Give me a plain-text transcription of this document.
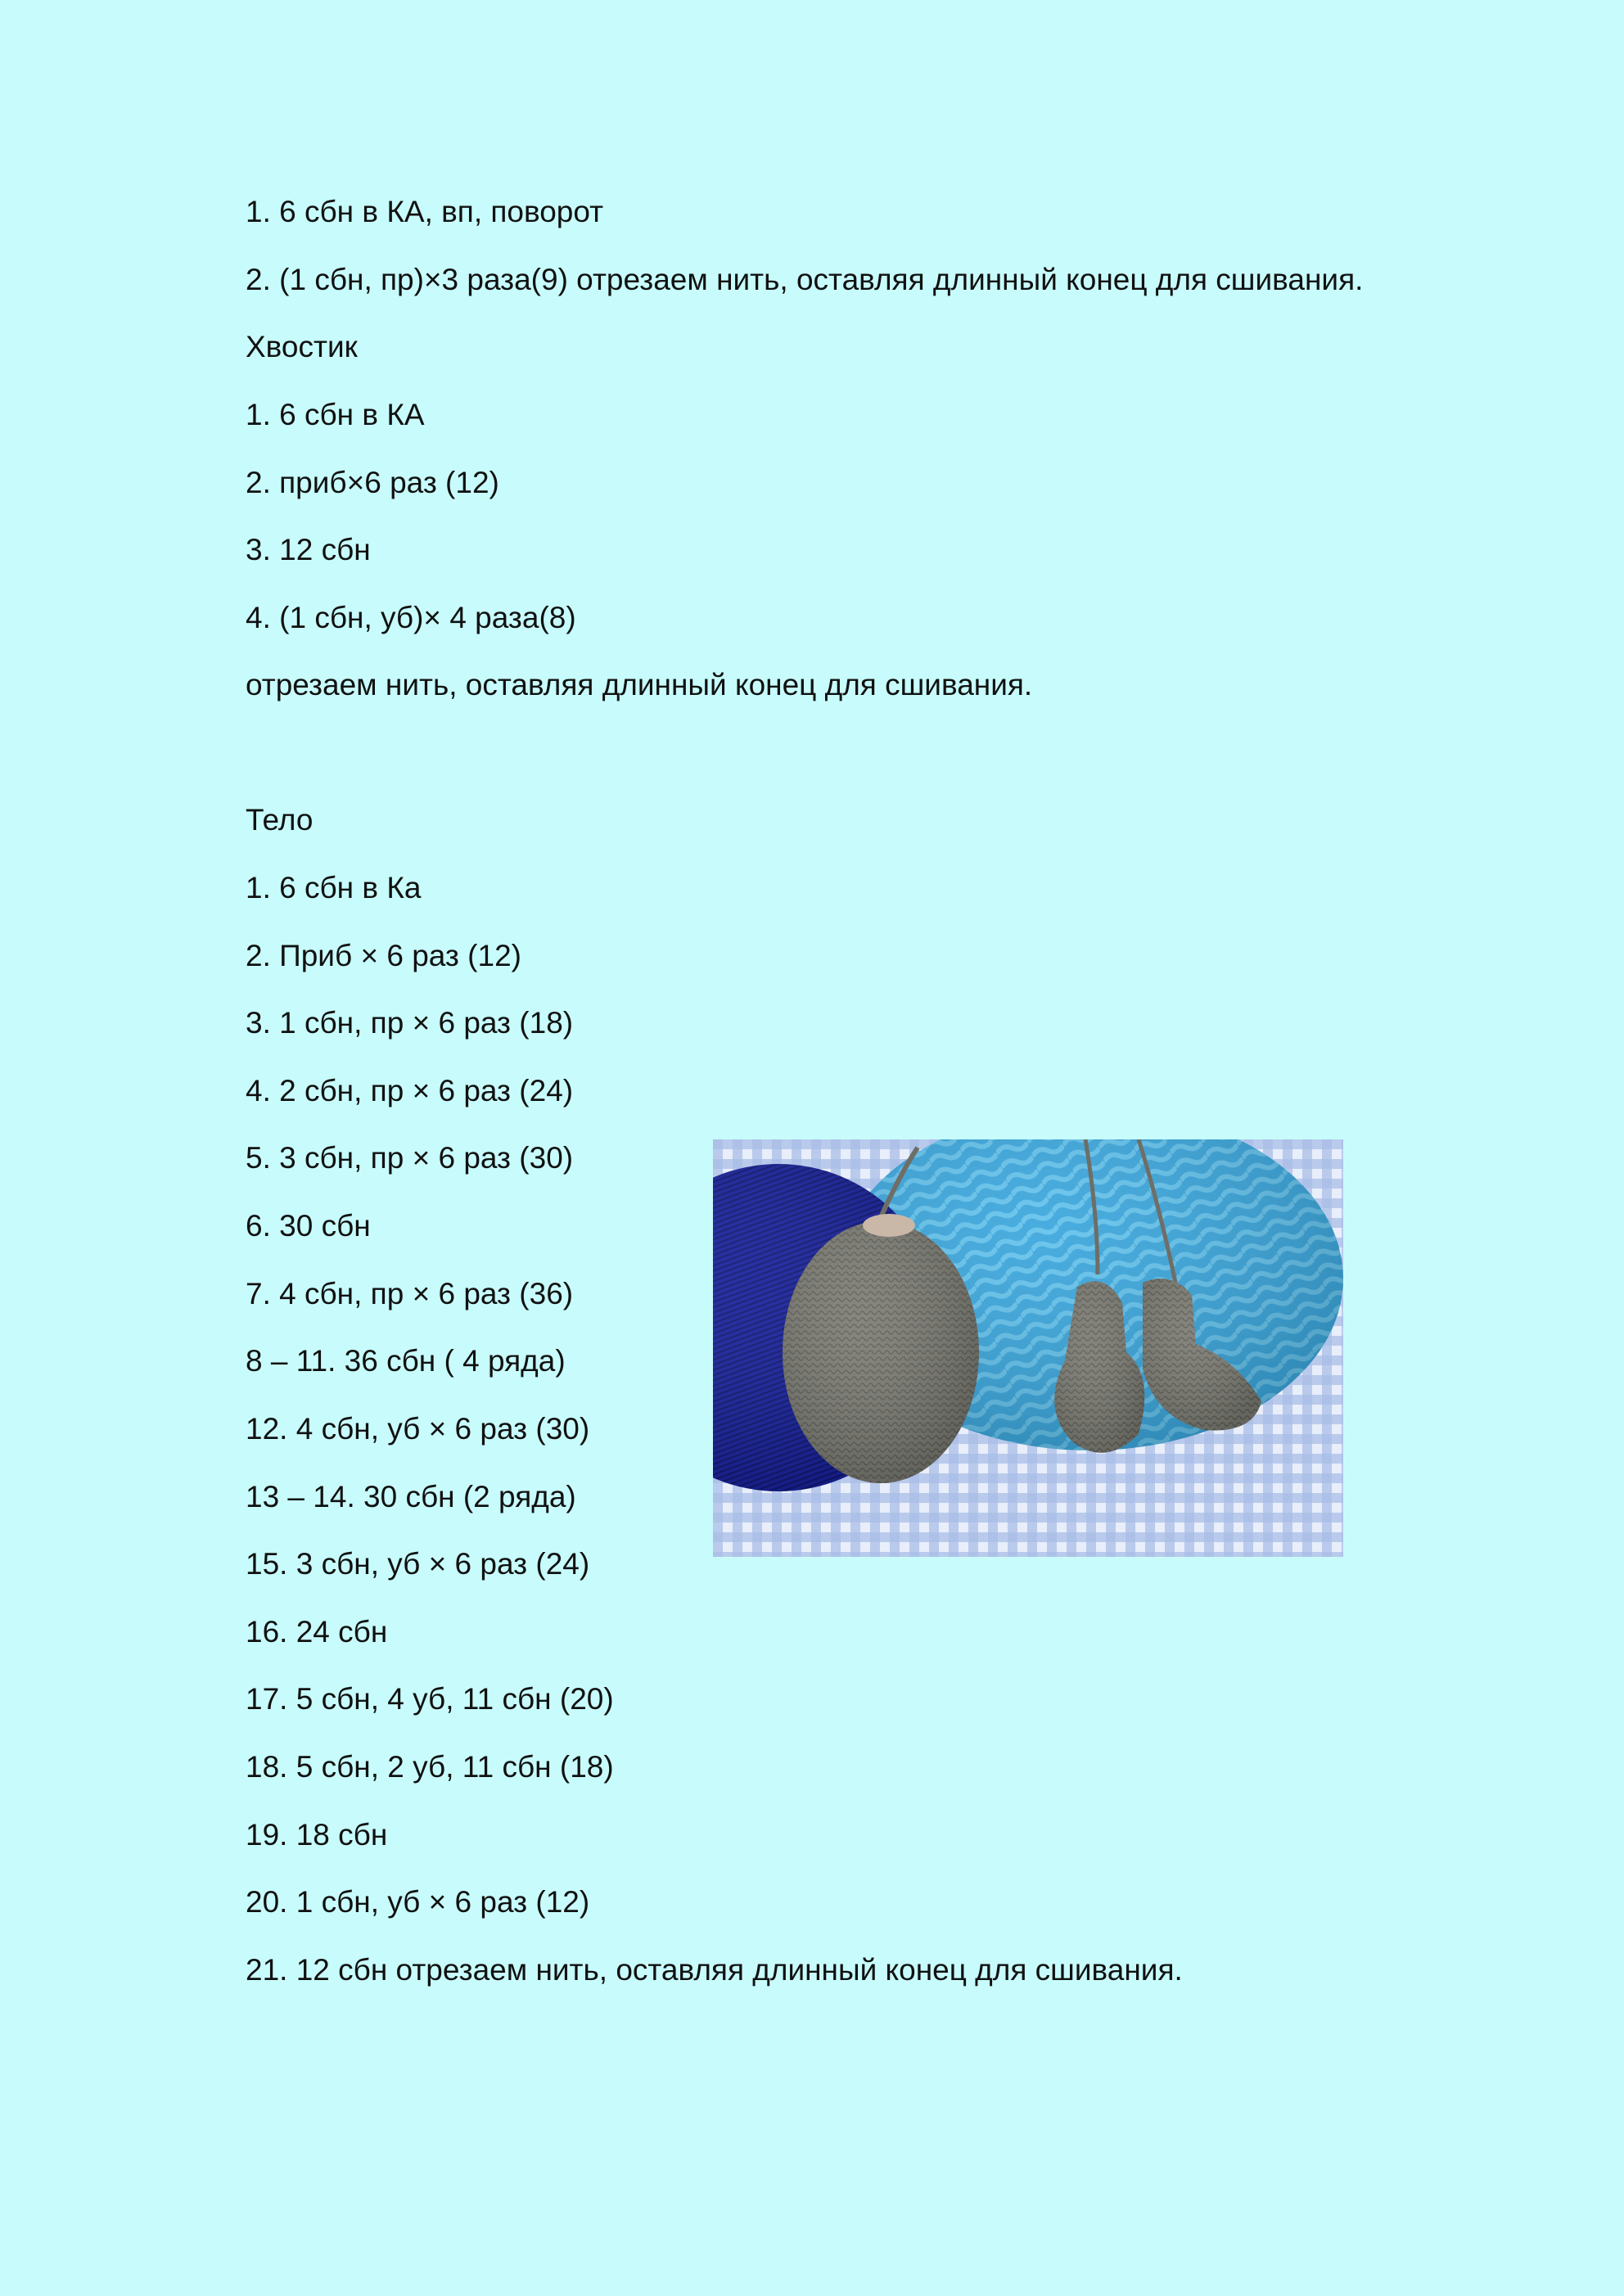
1. 6 сбн в КА, вп, поворот
2. (1 сбн, пр)×3 раза(9) отрезаем нить, оставляя длинный конец для сшивания.
Хвостик
1. 6 сбн в КА
2. приб×6 раз (12)
3. 12 сбн
4. (1 сбн, уб)× 4 раза(8)
отрезаем нить, оставляя длинный конец для сшивания.
Тело
1. 6 сбн в Ка
2. Приб × 6 раз (12)
3. 1 сбн, пр × 6 раз (18)
4. 2 сбн, пр × 6 раз (24)
5. 3 сбн, пр × 6 раз (30)
6. 30 сбн
7. 4 сбн, пр × 6 раз (36)
8 – 11. 36 сбн ( 4 ряда)
12. 4 сбн, уб × 6 раз (30)
13 – 14. 30 сбн (2 ряда)
15. 3 сбн, уб × 6 раз (24)
16. 24 сбн
17. 5 сбн, 4 уб, 11 сбн (20)
18. 5 сбн, 2 уб, 11 сбн (18)
19. 18 сбн
20. 1 сбн, уб × 6 раз (12)
21. 12 сбн отрезаем нить, оставляя длинный конец для сшивания.
